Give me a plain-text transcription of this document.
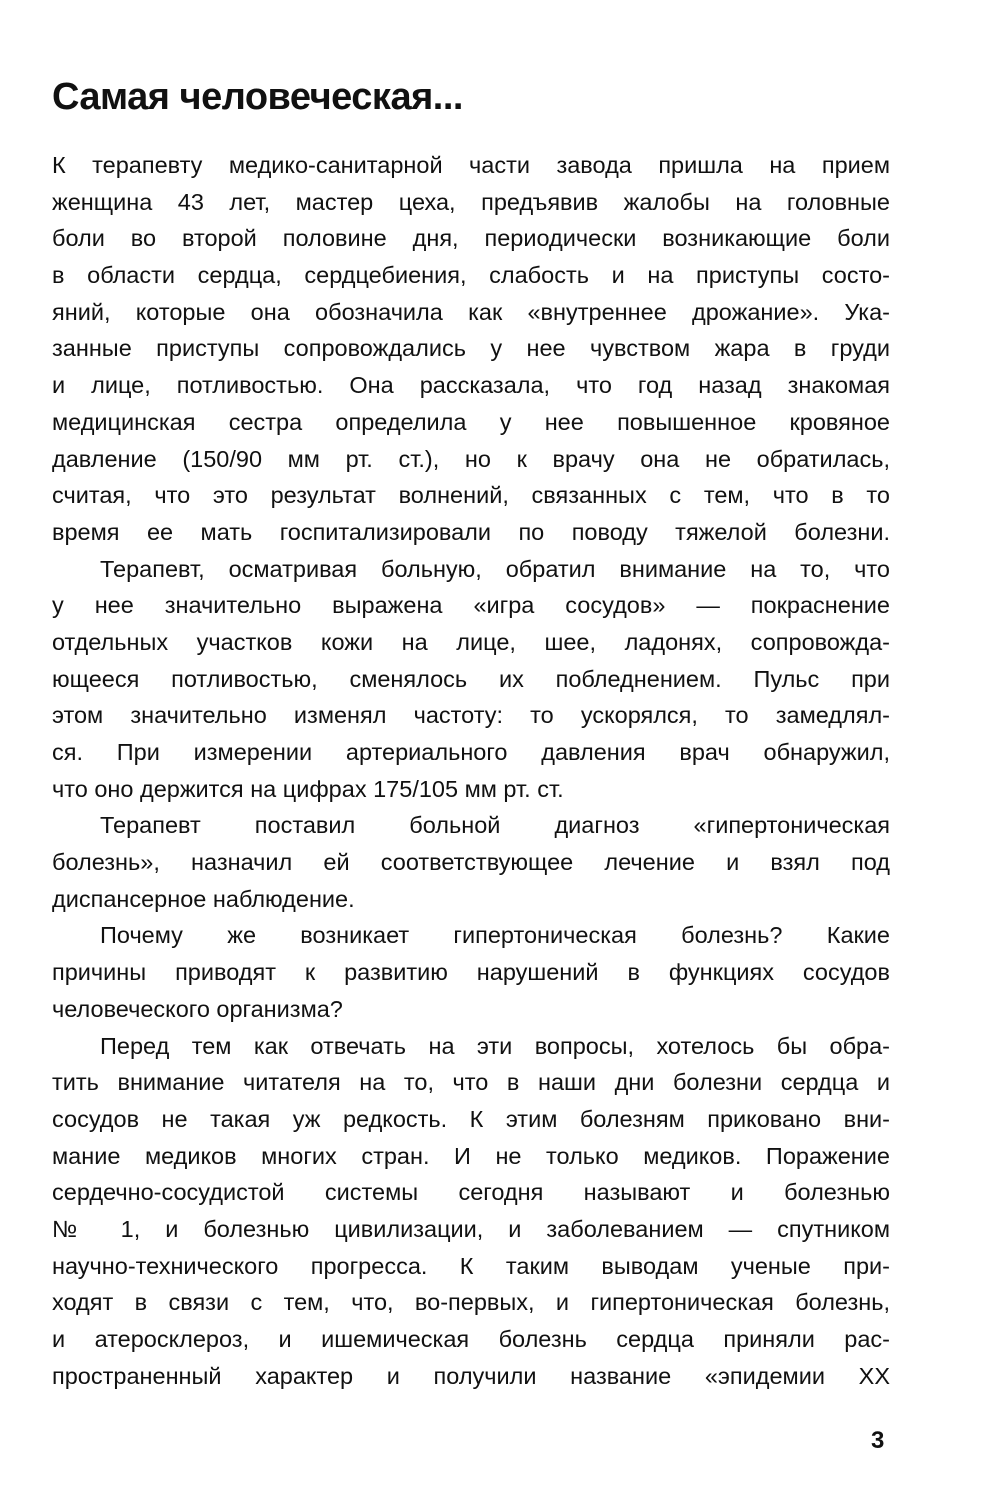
Самая человеческая...
К терапевту медико-санитарной части завода пришла на прием
женщина 43 лет, мастер цеха, предъявив жалобы на головные
боли во второй половине дня, периодически возникающие боли
в области сердца, сердцебиения, слабость и на приступы состо-
яний, которые она обозначила как «внутреннее дрожание». Ука-
занные приступы сопровождались у нее чувством жара в груди
и лице, потливостью. Она рассказала, что год назад знакомая
медицинская сестра определила у нее повышенное кровяное
давление (150/90 мм рт. ст.), но к врачу она не обратилась,
считая, что это результат волнений, связанных с тем, что в то
время ее мать госпитализировали по поводу тяжелой болезни.
Терапевт, осматривая больную, обратил внимание на то, что
у нее значительно выражена «игра сосудов» — покраснение
отдельных участков кожи на лице, шее, ладонях, сопровожда-
ющееся потливостью, сменялось их побледнением. Пульс при
этом значительно изменял частоту: то ускорялся, то замедлял-
ся. При измерении артериального давления врач обнаружил,
что оно держится на цифрах 175/105 мм рт. ст.
Терапевт поставил больной диагноз «гипертоническая
болезнь», назначил ей соответствующее лечение и взял под
диспансерное наблюдение.
Почему же возникает гипертоническая болезнь? Какие
причины приводят к развитию нарушений в функциях сосудов
человеческого организма?
Перед тем как отвечать на эти вопросы, хотелось бы обра-
тить внимание читателя на то, что в наши дни болезни сердца и
сосудов не такая уж редкость. К этим болезням приковано вни-
мание медиков многих стран. И не только медиков. Поражение
сердечно-сосудистой системы сегодня называют и болезнью
№ 1, и болезнью цивилизации, и заболеванием — спутником
научно-технического прогресса. К таким выводам ученые при-
ходят в связи с тем, что, во-первых, и гипертоническая болезнь,
и атеросклероз, и ишемическая болезнь сердца приняли рас-
пространенный характер и получили название «эпидемии XX
3
